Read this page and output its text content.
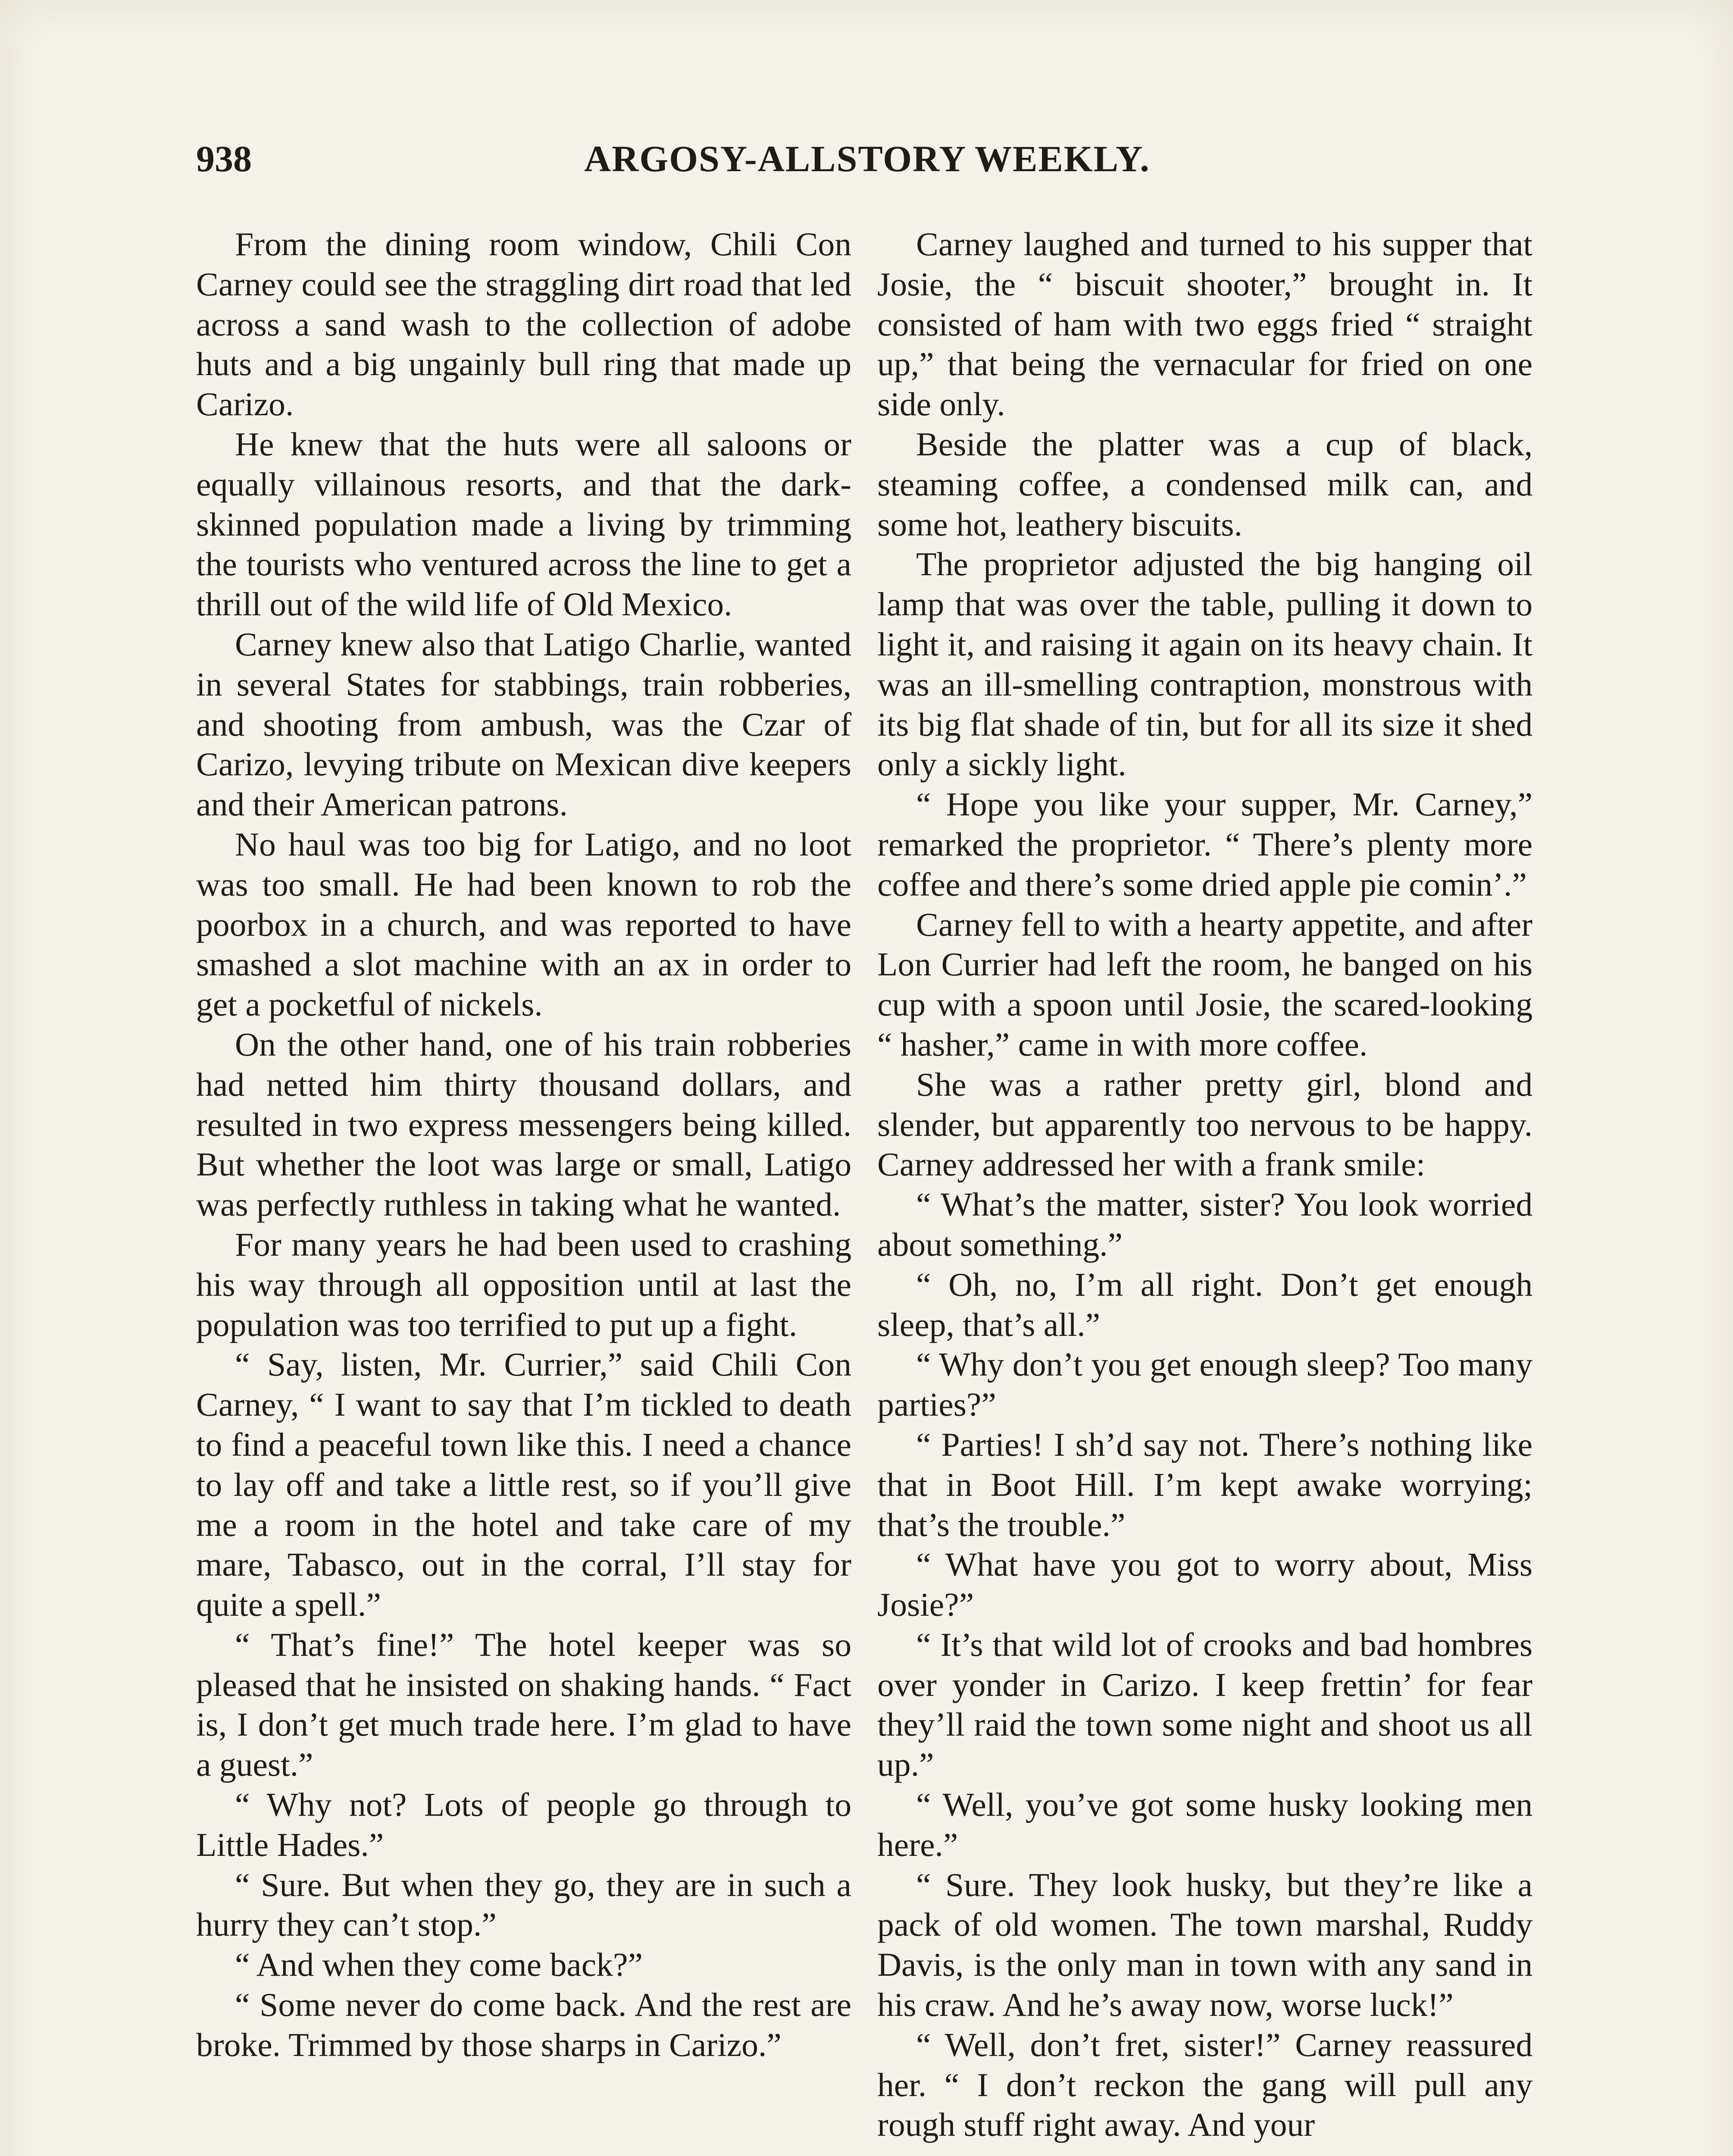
938	ARGOSY-ALLSTORY WEEKLY.

From the dining room window, Chili Con Carney could see the straggling dirt road that led across a sand wash to the collection of adobe huts and a big ungainly bull ring that made up Carizo.

He knew that the huts were all saloons or equally villainous resorts, and that the dark-skinned population made a living by trimming the tourists who ventured across the line to get a thrill out of the wild life of Old Mexico.

Carney knew also that Latigo Charlie, wanted in several States for stabbings, train robberies, and shooting from ambush, was the Czar of Carizo, levying tribute on Mexican dive keepers and their American patrons.

No haul was too big for Latigo, and no loot was too small. He had been known to rob the poorbox in a church, and was reported to have smashed a slot machine with an ax in order to get a pocketful of nickels.

On the other hand, one of his train robberies had netted him thirty thousand dollars, and resulted in two express messengers being killed. But whether the loot was large or small, Latigo was perfectly ruthless in taking what he wanted.

For many years he had been used to crashing his way through all opposition until at last the population was too terrified to put up a fight.

“ Say, listen, Mr. Currier,” said Chili Con Carney, “ I want to say that I’m tickled to death to find a peaceful town like this. I need a chance to lay off and take a little rest, so if you’ll give me a room in the hotel and take care of my mare, Tabasco, out in the corral, I’ll stay for quite a spell.”

“ That’s fine!” The hotel keeper was so pleased that he insisted on shaking hands. “ Fact is, I don’t get much trade here. I’m glad to have a guest.”

“ Why not? Lots of people go through to Little Hades.”

“ Sure. But when they go, they are in such a hurry they can’t stop.”

“ And when they come back?”

“ Some never do come back. And the rest are broke. Trimmed by those sharps in Carizo.”

Carney laughed and turned to his supper that Josie, the “ biscuit shooter,” brought in. It consisted of ham with two eggs fried “ straight up,” that being the vernacular for fried on one side only.

Beside the platter was a cup of black, steaming coffee, a condensed milk can, and some hot, leathery biscuits.

The proprietor adjusted the big hanging oil lamp that was over the table, pulling it down to light it, and raising it again on its heavy chain. It was an ill-smelling contraption, monstrous with its big flat shade of tin, but for all its size it shed only a sickly light.

“ Hope you like your supper, Mr. Carney,” remarked the proprietor. “ There’s plenty more coffee and there’s some dried apple pie comin’.”

Carney fell to with a hearty appetite, and after Lon Currier had left the room, he banged on his cup with a spoon until Josie, the scared-looking “ hasher,” came in with more coffee.

She was a rather pretty girl, blond and slender, but apparently too nervous to be happy. Carney addressed her with a frank smile:

“ What’s the matter, sister? You look worried about something.”

“ Oh, no, I’m all right. Don’t get enough sleep, that’s all.”

“ Why don’t you get enough sleep? Too many parties?”

“ Parties! I sh’d say not. There’s nothing like that in Boot Hill. I’m kept awake worrying; that’s the trouble.”

“ What have you got to worry about, Miss Josie?”

“ It’s that wild lot of crooks and bad hombres over yonder in Carizo. I keep frettin’ for fear they’ll raid the town some night and shoot us all up.”

“ Well, you’ve got some husky looking men here.”

“ Sure. They look husky, but they’re like a pack of old women. The town marshal, Ruddy Davis, is the only man in town with any sand in his craw. And he’s away now, worse luck!”

“ Well, don’t fret, sister!” Carney reassured her. “ I don’t reckon the gang will pull any rough stuff right away. And your
